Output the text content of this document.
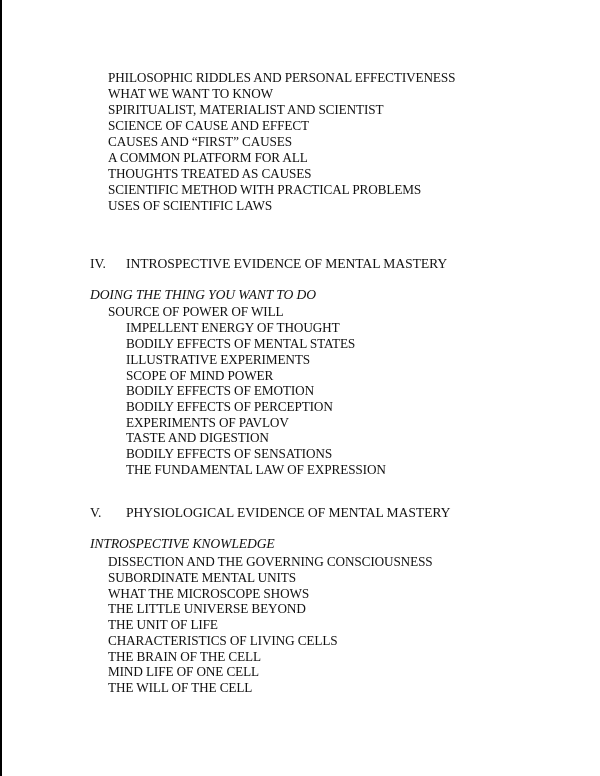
PHILOSOPHIC RIDDLES AND PERSONAL EFFECTIVENESS
WHAT WE WANT TO KNOW
SPIRITUALIST, MATERIALIST AND SCIENTIST
SCIENCE OF CAUSE AND EFFECT
CAUSES AND “FIRST” CAUSES
A COMMON PLATFORM FOR ALL
THOUGHTS TREATED AS CAUSES
SCIENTIFIC METHOD WITH PRACTICAL PROBLEMS
USES OF SCIENTIFIC LAWS
IV. INTROSPECTIVE EVIDENCE OF MENTAL MASTERY
DOING THE THING YOU WANT TO DO
SOURCE OF POWER OF WILL
IMPELLENT ENERGY OF THOUGHT
BODILY EFFECTS OF MENTAL STATES
ILLUSTRATIVE EXPERIMENTS
SCOPE OF MIND POWER
BODILY EFFECTS OF EMOTION
BODILY EFFECTS OF PERCEPTION
EXPERIMENTS OF PAVLOV
TASTE AND DIGESTION
BODILY EFFECTS OF SENSATIONS
THE FUNDAMENTAL LAW OF EXPRESSION
V. PHYSIOLOGICAL EVIDENCE OF MENTAL MASTERY
INTROSPECTIVE KNOWLEDGE
DISSECTION AND THE GOVERNING CONSCIOUSNESS
SUBORDINATE MENTAL UNITS
WHAT THE MICROSCOPE SHOWS
THE LITTLE UNIVERSE BEYOND
THE UNIT OF LIFE
CHARACTERISTICS OF LIVING CELLS
THE BRAIN OF THE CELL
MIND LIFE OF ONE CELL
THE WILL OF THE CELL
